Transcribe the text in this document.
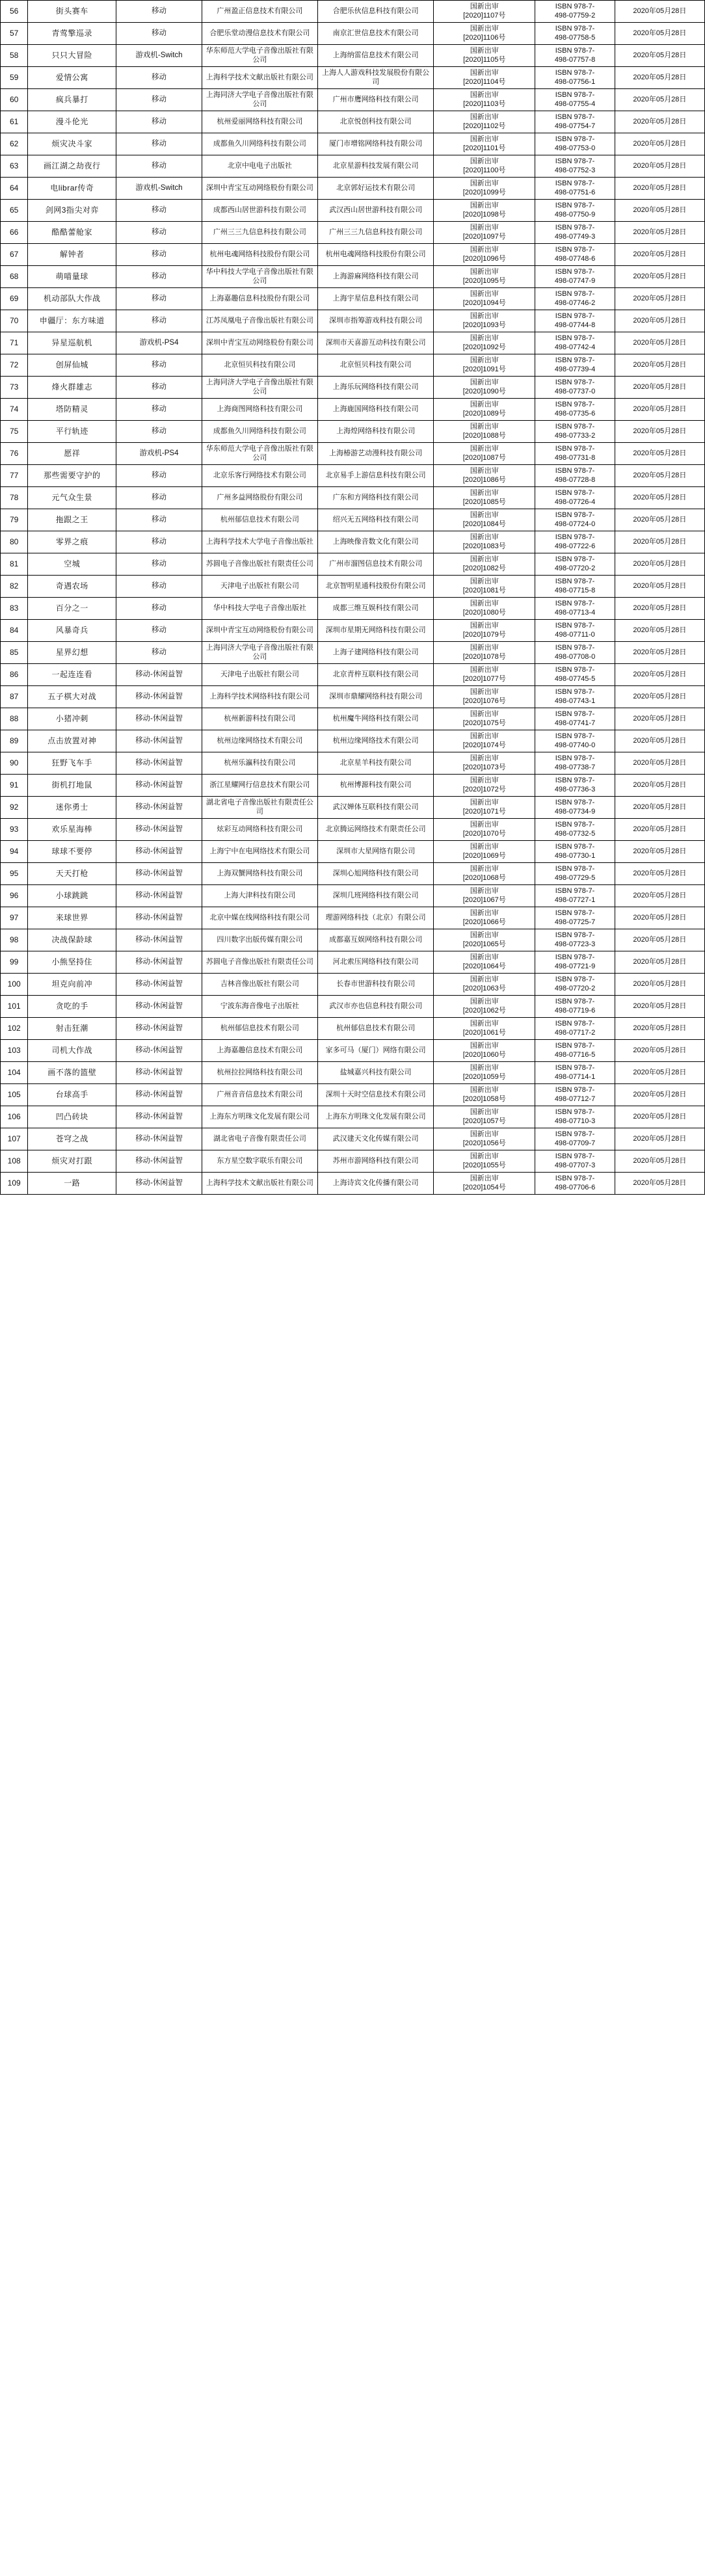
56	街头赛车	移动	广州盈正信息技术有限公司	合肥乐伙信息科技有限公司	国新出审
[2020]1107号	ISBN 978-7-
498-07759-2	2020年05月28日
57	青莺擎巡录	移动	合肥乐堂动漫信息技术有限公司	南京汇世信息技术有限公司	国新出审
[2020]1106号	ISBN 978-7-
498-07758-5	2020年05月28日
58	只只大冒险	游戏机-Switch	华东师范大学电子音像出版社有限公司	上海纳雷信息技术有限公司	国新出审
[2020]1105号	ISBN 978-7-
498-07757-8	2020年05月28日
59	爱情公寓	移动	上海科学技术文献出版社有限公司	上海人人游戏科技发展股份有限公司	国新出审
[2020]1104号	ISBN 978-7-
498-07756-1	2020年05月28日
60	疯兵暴打	移动	上海同济大学电子音像出版社有限公司	广州市鹰网络科技有限公司	国新出审
[2020]1103号	ISBN 978-7-
498-07755-4	2020年05月28日
61	漫斗伦光	移动	杭州爱丽网络科技有限公司	北京悦创科技有限公司	国新出审
[2020]1102号	ISBN 978-7-
498-07754-7	2020年05月28日
62	烦灾决斗家	移动	成都鱼久川网络科技有限公司	厦门市增铭网络科技有限公司	国新出审
[2020]1101号	ISBN 978-7-
498-07753-0	2020年05月28日
63	画江湖之劫夜行	移动	北京中电电子出版社	北京星游科技发展有限公司	国新出审
[2020]1100号	ISBN 978-7-
498-07752-3	2020年05月28日
64	电librar传奇	游戏机-Switch	深圳中青宝互动网络股份有限公司	北京郭好运技术有限公司	国新出审
[2020]1099号	ISBN 978-7-
498-07751-6	2020年05月28日
65	剑网3指尖对弈	移动	成都西山居世游科技有限公司	武汉西山居世游科技有限公司	国新出审
[2020]1098号	ISBN 978-7-
498-07750-9	2020年05月28日
66	酷酷蕾舱家	移动	广州三三九信息科技有限公司	广州三三九信息科技有限公司	国新出审
[2020]1097号	ISBN 978-7-
498-07749-3	2020年05月28日
67	解钟者	移动	杭州电魂网络科技股份有限公司	杭州电魂网络科技股份有限公司	国新出审
[2020]1096号	ISBN 978-7-
498-07748-6	2020年05月28日
68	萌喵量球	移动	华中科技大学电子音像出版社有限公司	上海游麻网络科技有限公司	国新出审
[2020]1095号	ISBN 978-7-
498-07747-9	2020年05月28日
69	机动部队大作战	移动	上海嘉趣信息科技股份有限公司	上海宇星信息科技有限公司	国新出审
[2020]1094号	ISBN 978-7-
498-07746-2	2020年05月28日
70	申疆厅：东方味道	移动	江苏凤凰电子音像出版社有限公司	深圳市指筹游戏科技有限公司	国新出审
[2020]1093号	ISBN 978-7-
498-07744-8	2020年05月28日
71	异星巡航机	游戏机-PS4	深圳中青宝互动网络股份有限公司	深圳市天喜游互动科技有限公司	国新出审
[2020]1092号	ISBN 978-7-
498-07742-4	2020年05月28日
72	创屏仙城	移动	北京恒贝科技有限公司	北京恒贝科技有限公司	国新出审
[2020]1091号	ISBN 978-7-
498-07739-4	2020年05月28日
73	烽火群雄志	移动	上海同济大学电子音像出版社有限公司	上海乐玩网络科技有限公司	国新出审
[2020]1090号	ISBN 978-7-
498-07737-0	2020年05月28日
74	塔防精灵	移动	上海商图网络科技有限公司	上海鹿国网络科技有限公司	国新出审
[2020]1089号	ISBN 978-7-
498-07735-6	2020年05月28日
75	平行轨迹	移动	成都鱼久川网络科技有限公司	上海煌网络科技有限公司	国新出审
[2020]1088号	ISBN 978-7-
498-07733-2	2020年05月28日
76	愿祥	游戏机-PS4	华东师范大学电子音像出版社有限公司	上海椿游艺动漫科技有限公司	国新出审
[2020]1087号	ISBN 978-7-
498-07731-8	2020年05月28日
77	那些需要守护的	移动	北京乐客行网络技术有限公司	北京易手上游信息科技有限公司	国新出审
[2020]1086号	ISBN 978-7-
498-07728-8	2020年05月28日
78	元气众生景	移动	广州多益网络股份有限公司	广东和方网络科技有限公司	国新出审
[2020]1085号	ISBN 978-7-
498-07726-4	2020年05月28日
79	拖跟之王	移动	杭州郁信息技术有限公司	绍兴无五网络科技有限公司	国新出审
[2020]1084号	ISBN 978-7-
498-07724-0	2020年05月28日
80	零界之痕	移动	上海科学技术大学电子音像出版社	上海映像音数文化有限公司	国新出审
[2020]1083号	ISBN 978-7-
498-07722-6	2020年05月28日
81	空城	移动	苏圆电子音像出版社有限责任公司	广州市溜图信息技术有限公司	国新出审
[2020]1082号	ISBN 978-7-
498-07720-2	2020年05月28日
82	奇遇农场	移动	天津电子出版社有限公司	北京智明星通科技股份有限公司	国新出审
[2020]1081号	ISBN 978-7-
498-07715-8	2020年05月28日
83	百分之一	移动	华中科技大学电子音像出版社	成都三维互娱科技有限公司	国新出审
[2020]1080号	ISBN 978-7-
498-07713-4	2020年05月28日
84	风暴奇兵	移动	深圳中青宝互动网络股份有限公司	深圳市星期无网络科技有限公司	国新出审
[2020]1079号	ISBN 978-7-
498-07711-0	2020年05月28日
85	星界幻想	移动	上海同济大学电子音像出版社有限公司	上海子建网络科技有限公司	国新出审
[2020]1078号	ISBN 978-7-
498-07708-0	2020年05月28日
86	一起连连看	移动-休闲益智	天津电子出版社有限公司	北京青梓互联科技有限公司	国新出审
[2020]1077号	ISBN 978-7-
498-07745-5	2020年05月28日
87	五子棋大对战	移动-休闲益智	上海科学技术网络科技有限公司	深圳市鼎耀网络科技有限公司	国新出审
[2020]1076号	ISBN 978-7-
498-07743-1	2020年05月28日
88	小猪冲刺	移动-休闲益智	杭州新游科技有限公司	杭州魔牛网络科技有限公司	国新出审
[2020]1075号	ISBN 978-7-
498-07741-7	2020年05月28日
89	点击放置对神	移动-休闲益智	杭州边缘网络技术有限公司	杭州边缘网络技术有限公司	国新出审
[2020]1074号	ISBN 978-7-
498-07740-0	2020年05月28日
90	狂野飞车手	移动-休闲益智	杭州乐瀛科技有限公司	北京星羊科技有限公司	国新出审
[2020]1073号	ISBN 978-7-
498-07738-7	2020年05月28日
91	街机打地鼠	移动-休闲益智	浙江星耀网行信息技术有限公司	杭州博源科技有限公司	国新出审
[2020]1072号	ISBN 978-7-
498-07736-3	2020年05月28日
92	迷你勇士	移动-休闲益智	湖北省电子音像出版社有限责任公司	武汉婵体互联科技有限公司	国新出审
[2020]1071号	ISBN 978-7-
498-07734-9	2020年05月28日
93	欢乐星海棒	移动-休闲益智	炫彩互动网络科技有限公司	北京腾运网络技术有限责任公司	国新出审
[2020]1070号	ISBN 978-7-
498-07732-5	2020年05月28日
94	球球不要停	移动-休闲益智	上海宁中在电网络技术有限公司	深圳市大星网络有限公司	国新出审
[2020]1069号	ISBN 978-7-
498-07730-1	2020年05月28日
95	天天打枪	移动-休闲益智	上海双蟹网络科技有限公司	深圳心旭网络科技有限公司	国新出审
[2020]1068号	ISBN 978-7-
498-07729-5	2020年05月28日
96	小球跳跳	移动-休闲益智	上海大津科技有限公司	深圳几班网络科技有限公司	国新出审
[2020]1067号	ISBN 978-7-
498-07727-1	2020年05月28日
97	来球世界	移动-休闲益智	北京中媒在线网络科技有限公司	理游网络科技（北京）有限公司	国新出审
[2020]1066号	ISBN 978-7-
498-07725-7	2020年05月28日
98	决战保龄球	移动-休闲益智	四川数字出版传媒有限公司	成都嘉互娱网络科技有限公司	国新出审
[2020]1065号	ISBN 978-7-
498-07723-3	2020年05月28日
99	小熊坚持住	移动-休闲益智	苏圆电子音像出版社有限责任公司	河北索压网络科技有限公司	国新出审
[2020]1064号	ISBN 978-7-
498-07721-9	2020年05月28日
100	坦克向前冲	移动-休闲益智	吉林音像出版社有限公司	长春市世游科技有限公司	国新出审
[2020]1063号	ISBN 978-7-
498-07720-2	2020年05月28日
101	贪吃的手	移动-休闲益智	宁波东海音像电子出版社	武汉市亦也信息科技有限公司	国新出审
[2020]1062号	ISBN 978-7-
498-07719-6	2020年05月28日
102	射击狂潮	移动-休闲益智	杭州郁信息技术有限公司	杭州郁信息技术有限公司	国新出审
[2020]1061号	ISBN 978-7-
498-07717-2	2020年05月28日
103	司机大作战	移动-休闲益智	上海嘉趣信息技术有限公司	家多可马（厦门）网络有限公司	国新出审
[2020]1060号	ISBN 978-7-
498-07716-5	2020年05月28日
104	画不落的篮壁	移动-休闲益智	杭州拉拉网络科技有限公司	盐城嘉兴科技有限公司	国新出审
[2020]1059号	ISBN 978-7-
498-07714-1	2020年05月28日
105	台球高手	移动-休闲益智	广州音音信息技术有限公司	深圳十天时空信息技术有限公司	国新出审
[2020]1058号	ISBN 978-7-
498-07712-7	2020年05月28日
106	凹凸砖块	移动-休闲益智	上海东方明珠文化发展有限公司	上海东方明珠文化发展有限公司	国新出审
[2020]1057号	ISBN 978-7-
498-07710-3	2020年05月28日
107	苍穹之战	移动-休闲益智	湖北省电子音像有限责任公司	武汉建天文化传媒有限公司	国新出审
[2020]1056号	ISBN 978-7-
498-07709-7	2020年05月28日
108	烦灾对打跟	移动-休闲益智	东方星空数字联乐有限公司	苏州市游网络科技有限公司	国新出审
[2020]1055号	ISBN 978-7-
498-07707-3	2020年05月28日
109	一路	移动-休闲益智	上海科学技术文献出版社有限公司	上海诗宾文化传播有限公司	国新出审
[2020]1054号	ISBN 978-7-
498-07706-6	2020年05月28日
